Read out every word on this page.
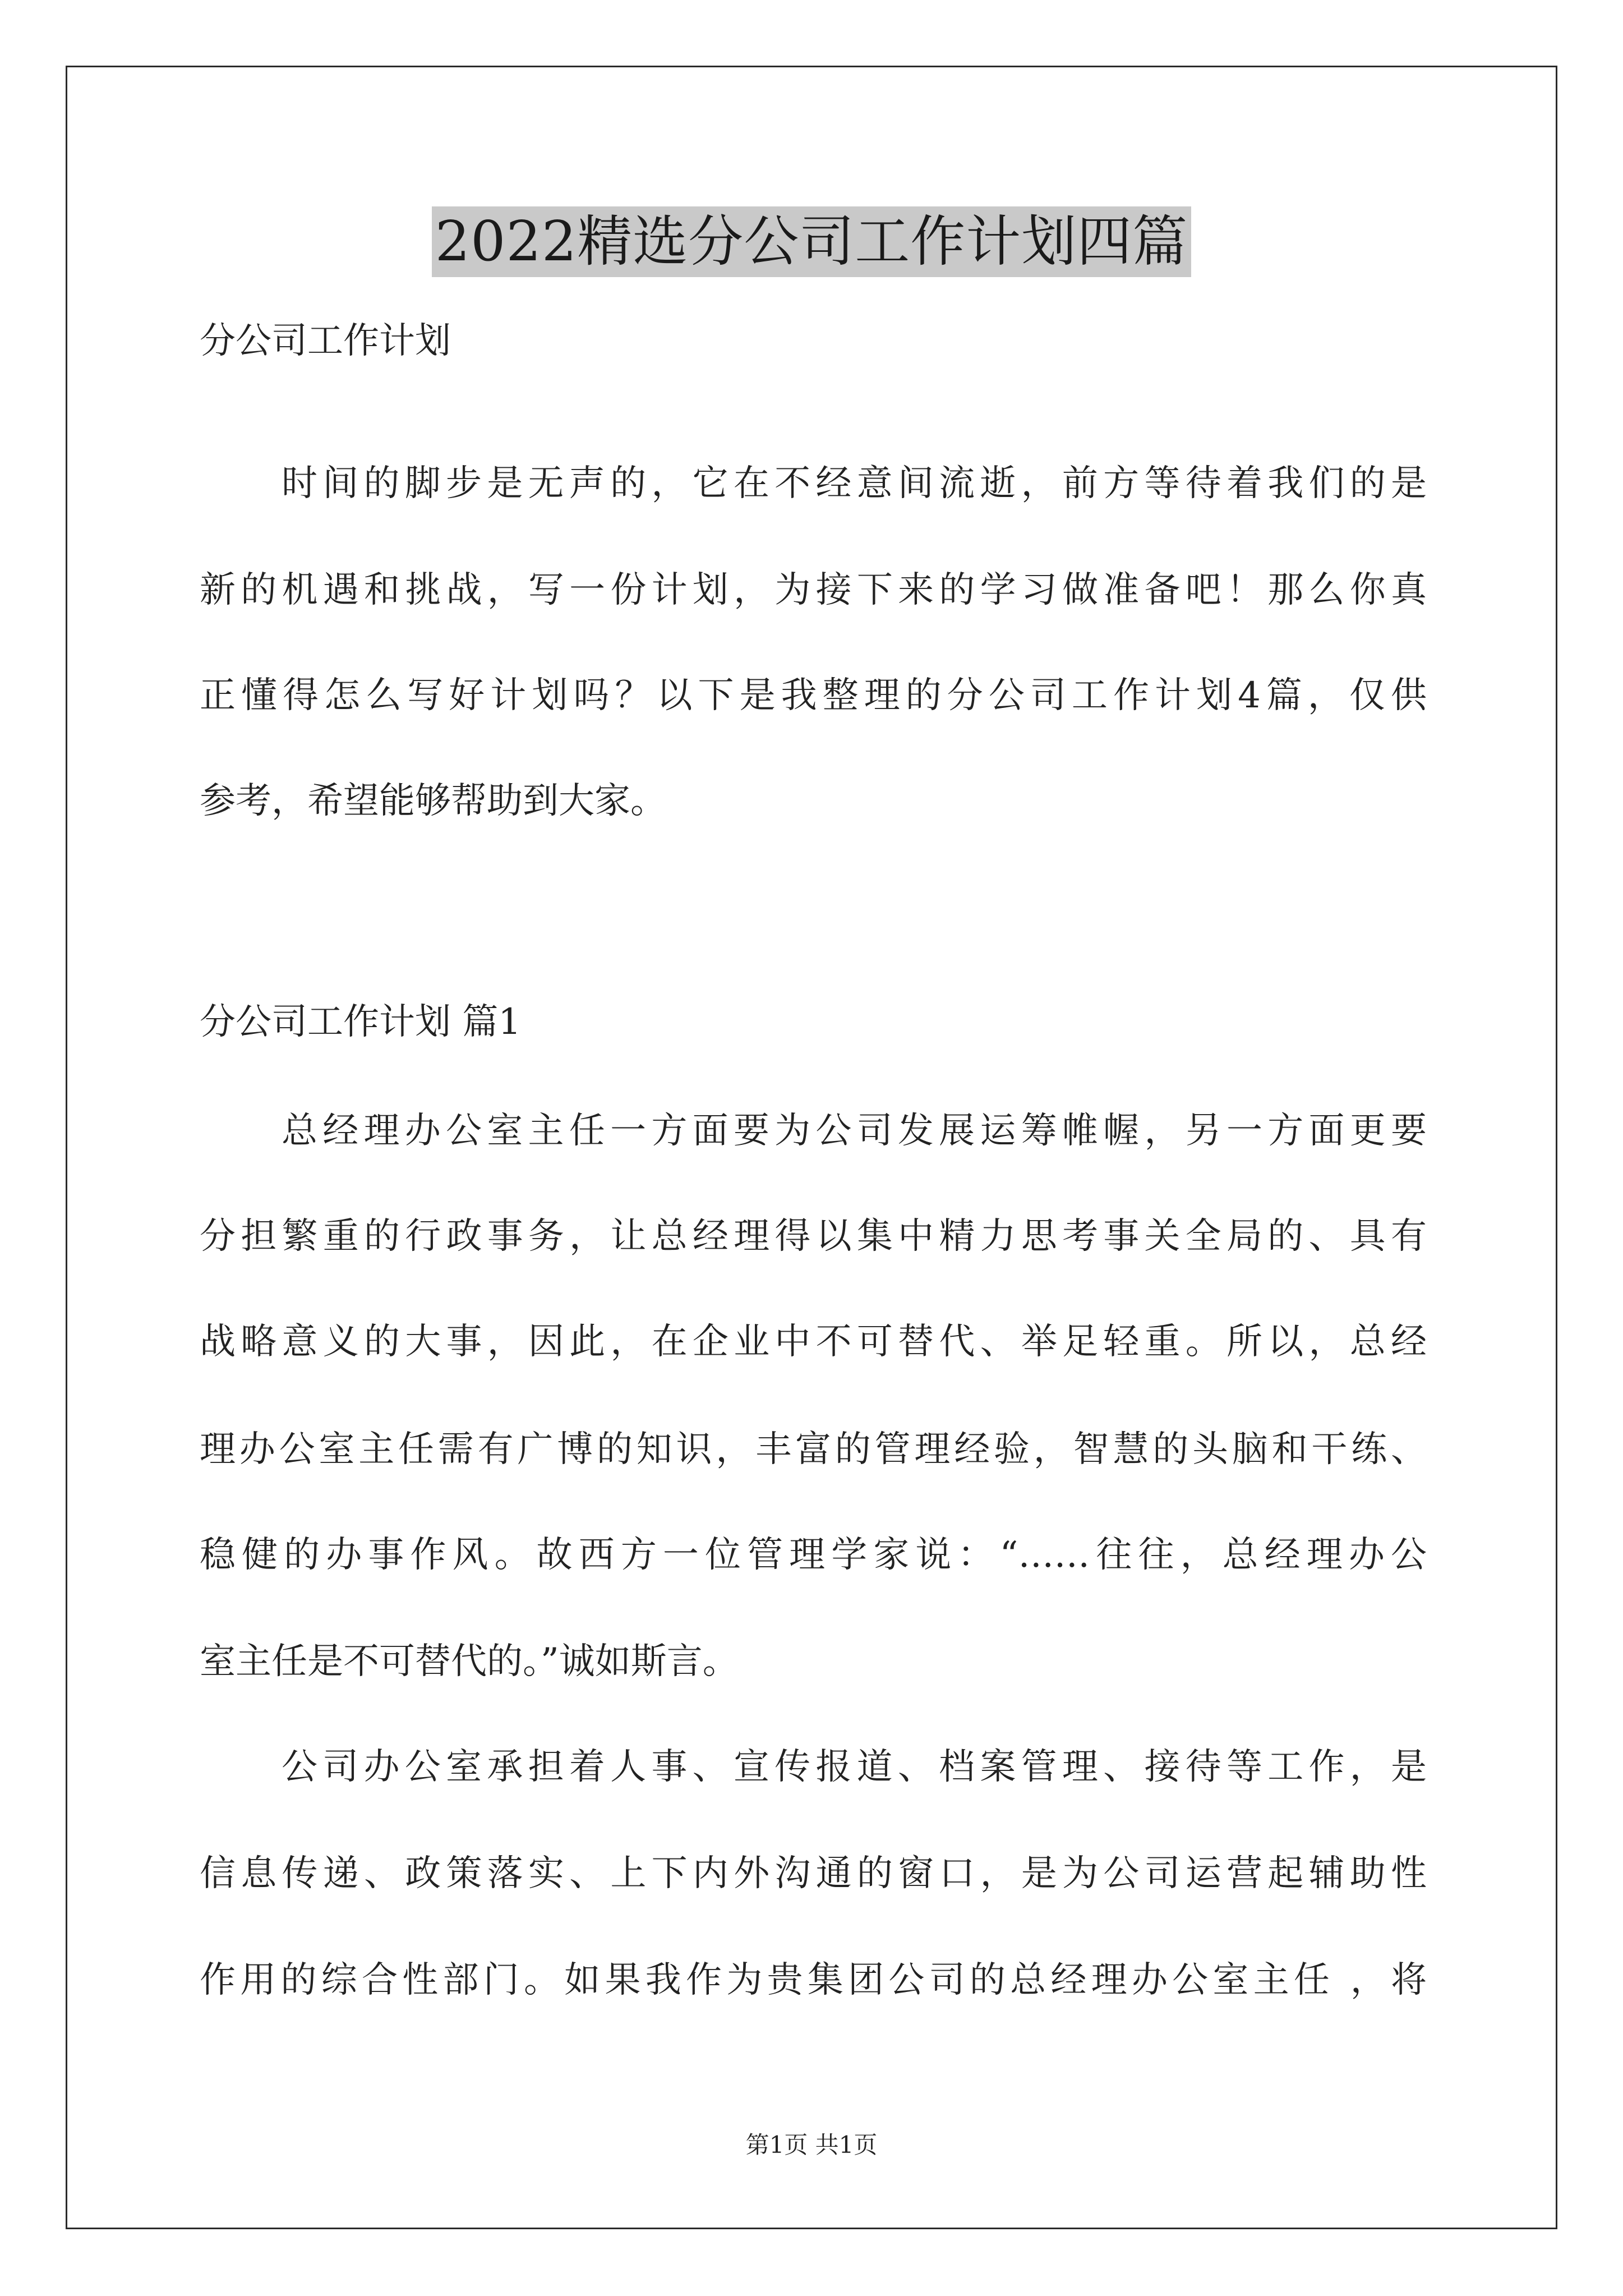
2022精选分公司工作计划四篇
分公司工作计划
时间的脚步是无声的，它在不经意间流逝，前方等待着我们的是
新的机遇和挑战，写一份计划，为接下来的学习做准备吧！那么你真
正懂得怎么写好计划吗？以下是我整理的分公司工作计划4篇，仅供
参考，希望能够帮助到大家。
分公司工作计划 篇1
总经理办公室主任一方面要为公司发展运筹帷幄，另一方面更要
分担繁重的行政事务，让总经理得以集中精力思考事关全局的、具有
战略意义的大事，因此，在企业中不可替代、举足轻重。所以，总经
理办公室主任需有广博的知识，丰富的管理经验，智慧的头脑和干练、
稳健的办事作风。故西方一位管理学家说：“……往往，总经理办公
室主任是不可替代的。”诚如斯言。
公司办公室承担着人事、宣传报道、档案管理、接待等工作，是
信息传递、政策落实、上下内外沟通的窗口，是为公司运营起辅助性
作用的综合性部门。如果我作为贵集团公司的总经理办公室主任 ，将
第1页 共1页
